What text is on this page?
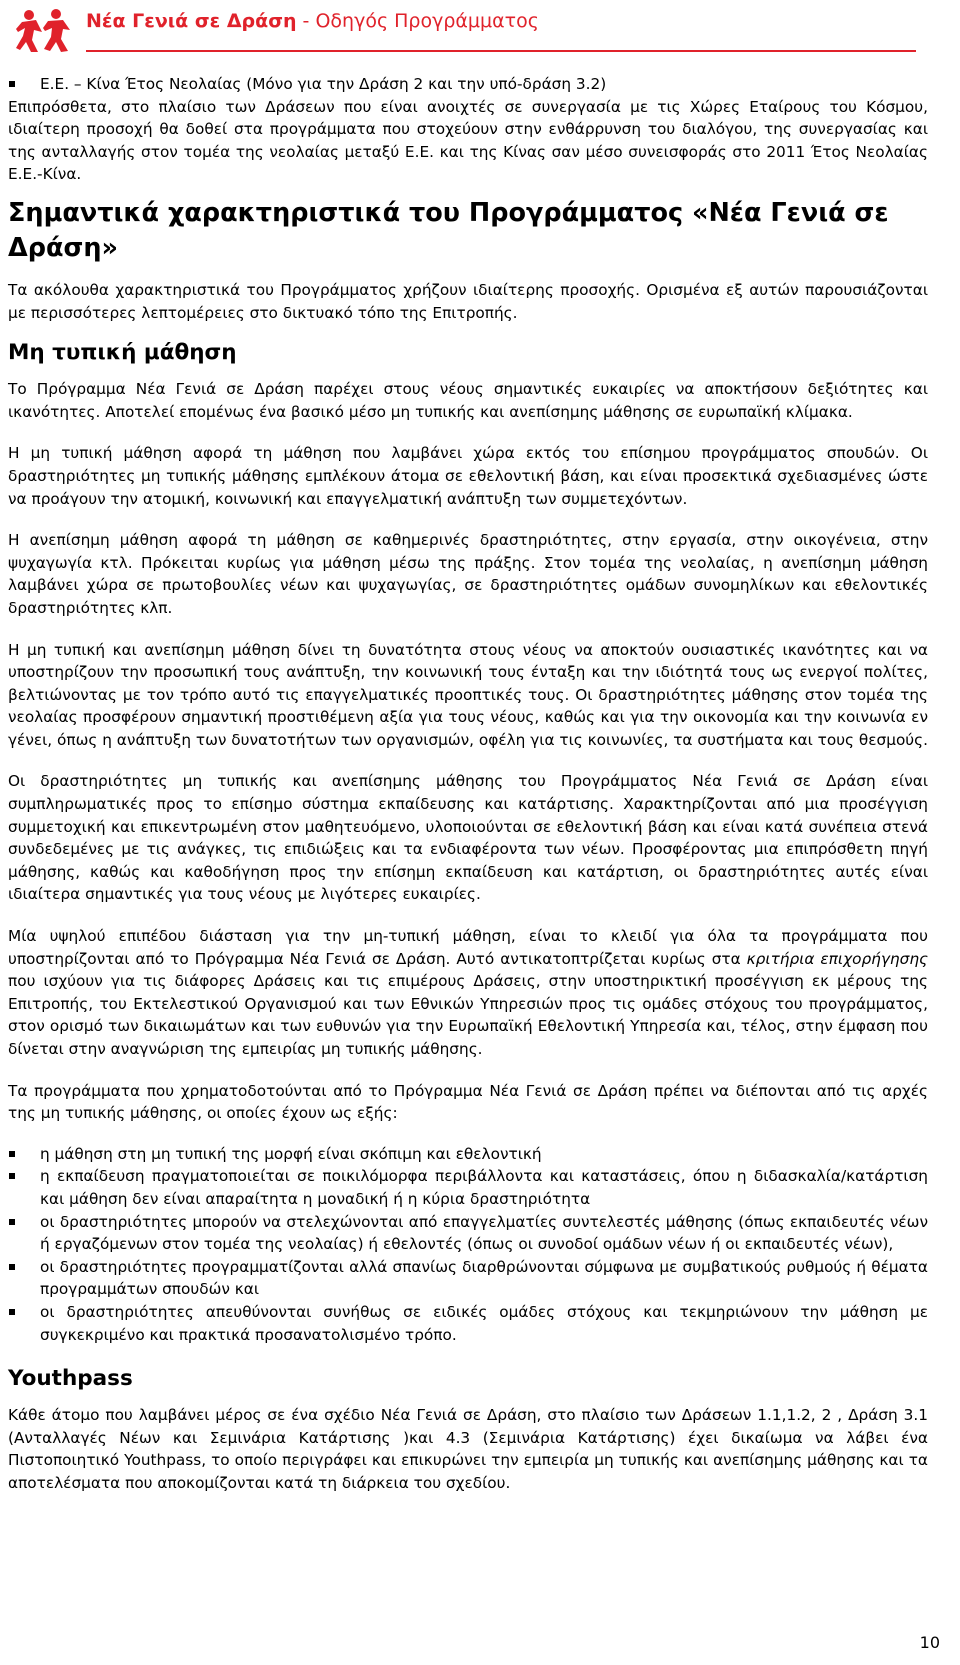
Νέα Γενιά σε Δράση - Οδηγός Προγράμματος
Ε.Ε. – Κίνα Έτος Νεολαίας (Μόνο για την Δράση 2 και την υπό-δράση 3.2)

Επιπρόσθετα, στο πλαίσιο των Δράσεων που είναι ανοιχτές σε συνεργασία με τις Χώρες Εταίρους του Κόσμου, ιδιαίτερη προσοχή θα δοθεί στα προγράμματα που στοχεύουν στην ενθάρρυνση του διαλόγου, της συνεργασίας και της ανταλλαγής στον τομέα της νεολαίας μεταξύ Ε.Ε. και της Κίνας σαν μέσο συνεισφοράς στο 2011 Έτος Νεολαίας Ε.Ε.-Κίνα.

Σημαντικά χαρακτηριστικά του Προγράμματος «Νέα Γενιά σε Δράση»

Τα ακόλουθα χαρακτηριστικά του Προγράμματος χρήζουν ιδιαίτερης προσοχής. Ορισμένα εξ αυτών παρουσιάζονται με περισσότερες λεπτομέρειες στο δικτυακό τόπο της Επιτροπής.

Μη τυπική μάθηση

Το Πρόγραμμα Νέα Γενιά σε Δράση παρέχει στους νέους σημαντικές ευκαιρίες να αποκτήσουν δεξιότητες και ικανότητες. Αποτελεί επομένως ένα βασικό μέσο μη τυπικής και ανεπίσημης μάθησης σε ευρωπαϊκή κλίμακα.

Η μη τυπική μάθηση αφορά τη μάθηση που λαμβάνει χώρα εκτός του επίσημου προγράμματος σπουδών. Οι δραστηριότητες μη τυπικής μάθησης εμπλέκουν άτομα σε εθελοντική βάση, και είναι προσεκτικά σχεδιασμένες ώστε να προάγουν την ατομική, κοινωνική και επαγγελματική ανάπτυξη των συμμετεχόντων.

Η ανεπίσημη μάθηση αφορά τη μάθηση σε καθημερινές δραστηριότητες, στην εργασία, στην οικογένεια, στην ψυχαγωγία κτλ. Πρόκειται κυρίως για μάθηση μέσω της πράξης. Στον τομέα της νεολαίας, η ανεπίσημη μάθηση λαμβάνει χώρα σε πρωτοβουλίες νέων και ψυχαγωγίας, σε δραστηριότητες ομάδων συνομηλίκων και εθελοντικές δραστηριότητες κλπ.

Η μη τυπική και ανεπίσημη μάθηση δίνει τη δυνατότητα στους νέους να αποκτούν ουσιαστικές ικανότητες και να υποστηρίζουν την προσωπική τους ανάπτυξη, την κοινωνική τους ένταξη και την ιδιότητά τους ως ενεργοί πολίτες, βελτιώνοντας με τον τρόπο αυτό τις επαγγελματικές προοπτικές τους. Οι δραστηριότητες μάθησης στον τομέα της νεολαίας προσφέρουν σημαντική προστιθέμενη αξία για τους νέους, καθώς και για την οικονομία και την κοινωνία εν γένει, όπως η ανάπτυξη των δυνατοτήτων των οργανισμών, οφέλη για τις κοινωνίες, τα συστήματα και τους θεσμούς.

Οι δραστηριότητες μη τυπικής και ανεπίσημης μάθησης του Προγράμματος Νέα Γενιά σε Δράση είναι συμπληρωματικές προς το επίσημο σύστημα εκπαίδευσης και κατάρτισης. Χαρακτηρίζονται από μια προσέγγιση συμμετοχική και επικεντρωμένη στον μαθητευόμενο, υλοποιούνται σε εθελοντική βάση και είναι κατά συνέπεια στενά συνδεδεμένες με τις ανάγκες, τις επιδιώξεις και τα ενδιαφέροντα των νέων. Προσφέροντας μια επιπρόσθετη πηγή μάθησης, καθώς και καθοδήγηση προς την επίσημη εκπαίδευση και κατάρτιση, οι δραστηριότητες αυτές είναι ιδιαίτερα σημαντικές για τους νέους με λιγότερες ευκαιρίες.

Μία υψηλού επιπέδου διάσταση για την μη-τυπική μάθηση, είναι το κλειδί για όλα τα προγράμματα που υποστηρίζονται από το Πρόγραμμα Νέα Γενιά σε Δράση. Αυτό αντικατοπτρίζεται κυρίως στα κριτήρια επιχορήγησης που ισχύουν για τις διάφορες Δράσεις και τις επιμέρους Δράσεις, στην υποστηρικτική προσέγγιση εκ μέρους της Επιτροπής, του Εκτελεστικού Οργανισμού και των Εθνικών Υπηρεσιών προς τις ομάδες στόχους του προγράμματος, στον ορισμό των δικαιωμάτων και των ευθυνών για την Ευρωπαϊκή Εθελοντική Υπηρεσία και, τέλος, στην έμφαση που δίνεται στην αναγνώριση της εμπειρίας μη τυπικής μάθησης.

Τα προγράμματα που χρηματοδοτούνται από το Πρόγραμμα Νέα Γενιά σε Δράση πρέπει να διέπονται από τις αρχές της μη τυπικής μάθησης, οι οποίες έχουν ως εξής:

η μάθηση στη μη τυπική της μορφή είναι σκόπιμη και εθελοντική
η εκπαίδευση πραγματοποιείται σε ποικιλόμορφα περιβάλλοντα και καταστάσεις, όπου η διδασκαλία/κατάρτιση και μάθηση δεν είναι απαραίτητα η μοναδική ή η κύρια δραστηριότητα
οι δραστηριότητες μπορούν να στελεχώνονται από επαγγελματίες συντελεστές μάθησης (όπως εκπαιδευτές νέων ή εργαζόμενων στον τομέα της νεολαίας) ή εθελοντές (όπως οι συνοδοί ομάδων νέων ή οι εκπαιδευτές νέων),
οι δραστηριότητες προγραμματίζονται αλλά σπανίως διαρθρώνονται σύμφωνα με συμβατικούς ρυθμούς ή θέματα προγραμμάτων σπουδών και
οι δραστηριότητες απευθύνονται συνήθως σε ειδικές ομάδες στόχους και τεκμηριώνουν την μάθηση με συγκεκριμένο και πρακτικά προσανατολισμένο τρόπο.
Youthpass

Κάθε άτομο που λαμβάνει μέρος σε ένα σχέδιο Νέα Γενιά σε Δράση, στο πλαίσιο των Δράσεων 1.1,1.2, 2 , Δράση 3.1 (Ανταλλαγές Νέων και Σεμινάρια Κατάρτισης )και 4.3 (Σεμινάρια Κατάρτισης) έχει δικαίωμα να λάβει ένα Πιστοποιητικό Youthpass, το οποίο περιγράφει και επικυρώνει την εμπειρία μη τυπικής και ανεπίσημης μάθησης και τα αποτελέσματα που αποκομίζονται κατά τη διάρκεια του σχεδίου.

10
